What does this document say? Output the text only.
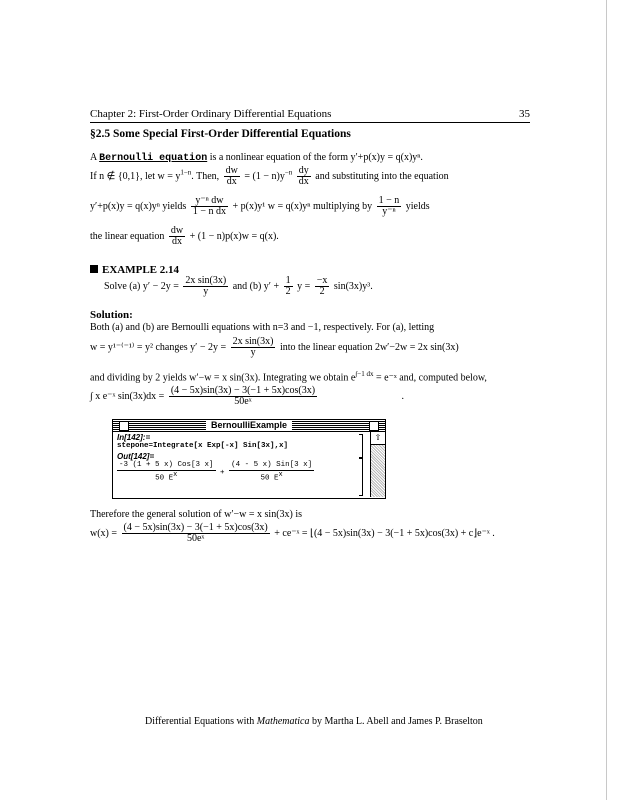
Chapter 2: First-Order Ordinary Differential Equations	35
§2.5 Some Special First-Order Differential Equations
A Bernoulli equation is a nonlinear equation of the form y′+p(x)y = q(x)yⁿ.
If n ∉ {0,1}, let $w = y^{1-n}$. Then, $\frac{dw}{dx} = (1 - n)y^{-n} \frac{dy}{dx}$ and substituting into the equation
y′+p(x)y = q(x)yⁿ yields $\frac{\text{y⁻ⁿ dw}}{\text{1 − n dx}} + p(x)y^1$ w = q(x)yⁿ multiplying by $\frac{1 - n}{\text{y⁻ⁿ}}$ yields
the linear equation $\frac{dw}{dx} + (1 - n)p(x)w = q(x)$.
EXAMPLE 2.14
Solve (a) $y' - 2y = \frac{\text{2x sin(3x)}}{y}$ and (b) $y' + \frac{1}{2}$ $y = \frac{-x}{2} \sin(3x)y^3$.
Solution:
Both (a) and (b) are Bernoulli equations with n=3 and −1, respectively. For (a), letting
w = y¹⁻⁽⁻¹⁾ = y² changes $y' - 2y = \frac{\text{2x sin(3x)}}{y}$ into the linear equation 2w′−2w = 2x sin(3x)
and dividing by 2 yields w′−w = x sin(3x). Integrating we obtain $e^{\int-1 dx}$ = e⁻ˣ and, computed below,
∫ x e⁻ˣ $\sin(3x)dx = \frac{(4 - 5x)\sin(3x) - 3(-1 + 5x)\cos(3x)}{\text{50eˣ}}$	.
BernoulliExample
In[142]:=
stepone=Integrate[x Exp[-x] Sin[3x],x]
Out[142]=
$\frac{\text{-3 (1 + 5 x) Cos[3 x]}}{50 E^x} + \frac{\text{(4 - 5 x) Sin[3 x]}}{50 E^x}$
⇧
Therefore the general solution of w′−w = x sin(3x) is
$w(x) = \frac{(4 - 5x)\sin(3x) - 3(-1 + 5x)\cos(3x)}{\text{50eˣ}}$ + ce⁻ˣ = ⌊(4 − 5x)sin(3x) − 3(−1 + 5x)cos(3x) + c⌋e⁻ˣ .
Differential Equations with Mathematica by Martha L. Abell and James P. Braselton
